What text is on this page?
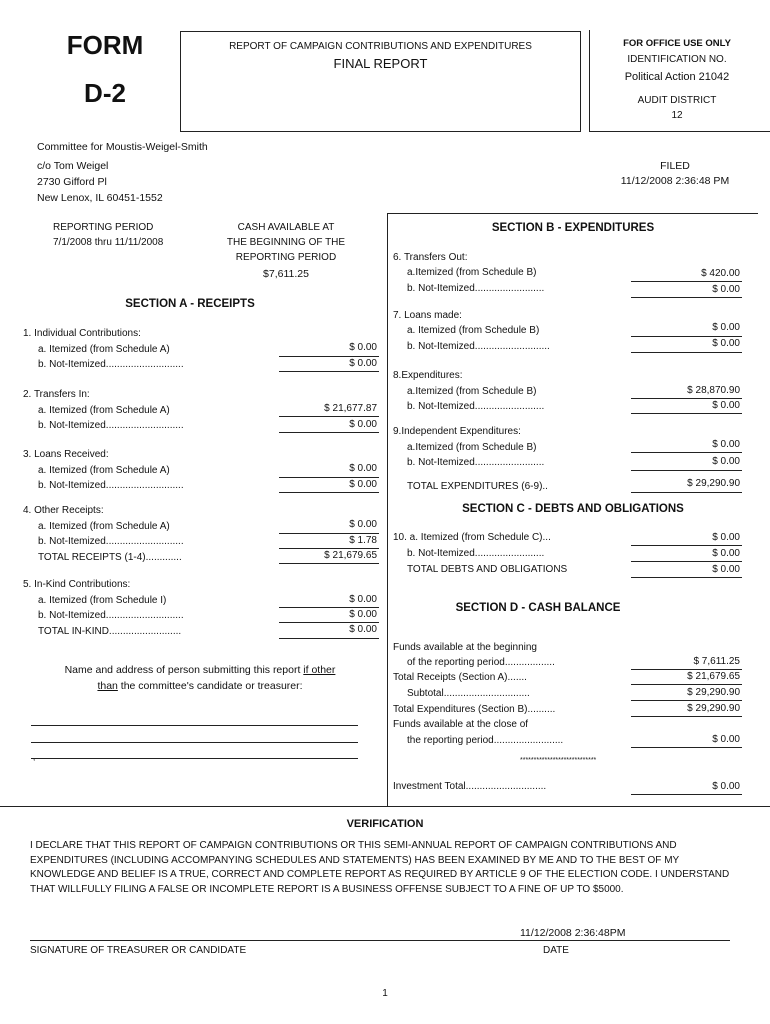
FORM
D-2
REPORT OF CAMPAIGN CONTRIBUTIONS AND EXPENDITURES
FINAL REPORT
FOR OFFICE USE ONLY
IDENTIFICATION NO.
Political Action 21042
AUDIT DISTRICT
12
Committee for Moustis-Weigel-Smith
c/o Tom Weigel
2730 Gifford Pl
New Lenox, IL 60451-1552
FILED
11/12/2008 2:36:48 PM
REPORTING PERIOD
7/1/2008 thru 11/11/2008
CASH AVAILABLE AT
THE BEGINNING OF THE
REPORTING PERIOD
$7,611.25
SECTION A - RECEIPTS
1. Individual Contributions:
a. Itemized (from Schedule A)	$ 0.00
b. Not-Itemized............................	$ 0.00
2. Transfers In:
a. Itemized (from Schedule A)	$ 21,677.87
b. Not-Itemized............................	$ 0.00
3. Loans Received:
a. Itemized (from Schedule A)	$ 0.00
b. Not-Itemized............................	$ 0.00
4. Other Receipts:
a. Itemized (from Schedule A)	$ 0.00
b. Not-Itemized............................	$ 1.78
TOTAL RECEIPTS (1-4).............	$ 21,679.65
5. In-Kind Contributions:
a. Itemized (from Schedule I)	$ 0.00
b. Not-Itemized............................	$ 0.00
TOTAL IN-KIND..........................	$ 0.00
Name and address of person submitting this report if other
than the committee's candidate or treasurer:
,
SECTION B - EXPENDITURES
6. Transfers Out:
a.Itemized (from Schedule B)	$ 420.00
b. Not-Itemized.........................	$ 0.00
7. Loans made:
a. Itemized (from Schedule B)	$ 0.00
b. Not-Itemized...........................	$ 0.00
8.Expenditures:
a.Itemized (from Schedule B)	$ 28,870.90
b. Not-Itemized.........................	$ 0.00
9.Independent Expenditures:
a.Itemized (from Schedule B)	$ 0.00
b. Not-Itemized.........................	$ 0.00
TOTAL EXPENDITURES (6-9)..	$ 29,290.90
SECTION C - DEBTS AND OBLIGATIONS
10. a. Itemized (from Schedule C)...	$ 0.00
b. Not-Itemized.........................	$ 0.00
TOTAL DEBTS AND OBLIGATIONS	$ 0.00
SECTION D - CASH BALANCE
Funds available at the beginning
of the reporting period..................	$ 7,611.25
Total Receipts (Section A).......	$ 21,679.65
Subtotal...............................	$ 29,290.90
Total Expenditures (Section B)..........	$ 29,290.90
Funds available at the close of
the reporting period.........................	$ 0.00
****************************
Investment Total.............................	$ 0.00
VERIFICATION
I DECLARE THAT THIS REPORT OF CAMPAIGN CONTRIBUTIONS OR THIS SEMI-ANNUAL REPORT OF CAMPAIGN CONTRIBUTIONS AND EXPENDITURES (INCLUDING ACCOMPANYING SCHEDULES AND STATEMENTS) HAS BEEN EXAMINED BY ME AND TO THE BEST OF MY KNOWLEDGE AND BELIEF IS A TRUE, CORRECT AND COMPLETE REPORT AS REQUIRED BY ARTICLE 9 OF THE ELECTION CODE. I UNDERSTAND THAT WILLFULLY FILING A FALSE OR INCOMPLETE REPORT IS A BUSINESS OFFENSE SUBJECT TO A FINE OF UP TO $5000.
11/12/2008 2:36:48PM
SIGNATURE OF TREASURER OR CANDIDATE	DATE
1
